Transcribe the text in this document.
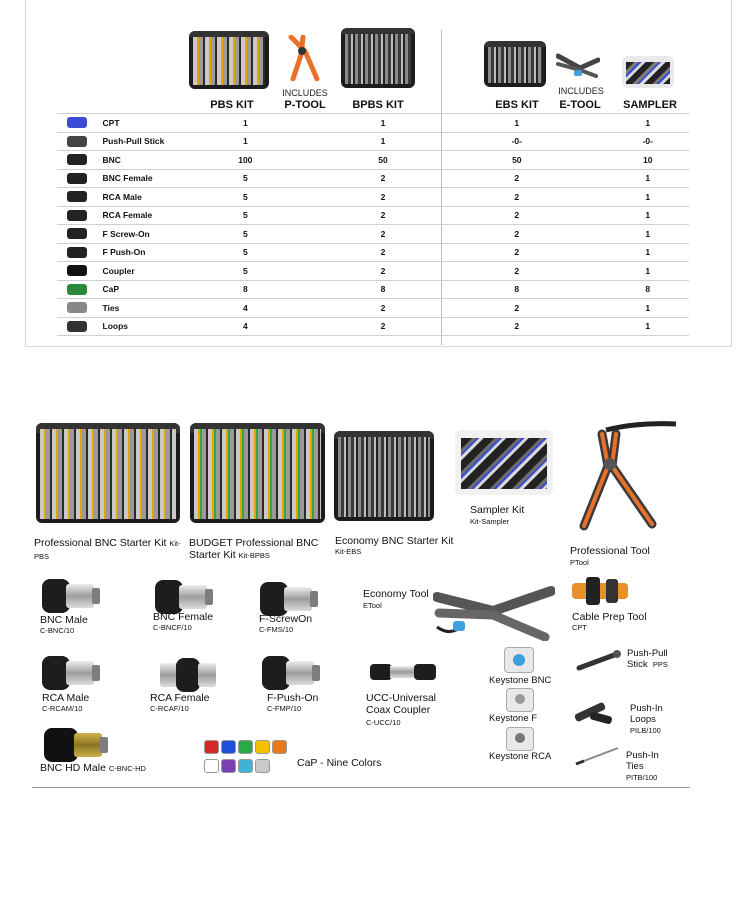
INCLUDES	INCLUDES
PBS KIT	P-TOOL	BPBS KIT	EBS KIT	E-TOOL	SAMPLER
	CPT	1		1		1		1
	Push-Pull Stick	1		1		-0-		-0-
	BNC	100		50		50		10
	BNC Female	5		2		2		1
	RCA Male	5		2		2		1
	RCA Female	5		2		2		1
	F Screw-On	5		2		2		1
	F Push-On	5		2		2		1
	Coupler	5		2		2		1
	CaP	8		8		8		8
	Ties	4		2		2		1
	Loops	4		2		2		1
Professional BNC Starter Kit Kit-PBS
BUDGET Professional BNC Starter Kit Kit-BPBS
Economy BNC Starter Kit
Kit-EBS
Sampler Kit
Kit-Sampler
Professional Tool
PTool
BNC Male
C-BNC/10
BNC Female
C-BNCF/10
F-ScrewOn
C-FMS/10
Economy Tool
ETool
Cable Prep Tool
CPT
RCA Male
C-RCAM/10
RCA Female
C-RCAF/10
F-Push-On
C-FMP/10
UCC-Universal Coax Coupler
C-UCC/10
Keystone BNC
Keystone F
Keystone RCA
Push-Pull Stick PPS
Push-In Loops
PILB/100
Push-In Ties
PITB/100
BNC HD Male C-BNC-HD	CaP - Nine Colors
